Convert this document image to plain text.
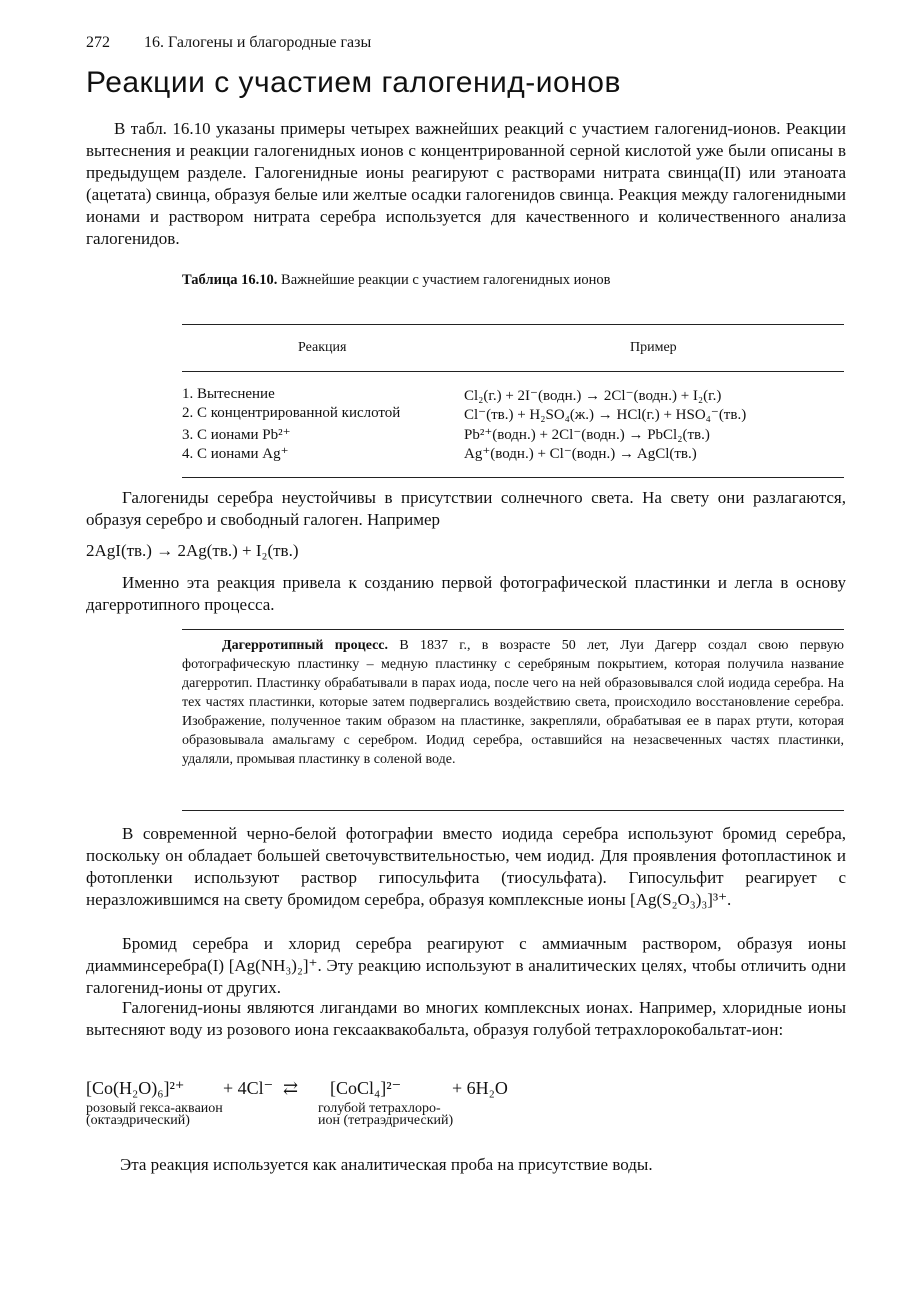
272 16. Галогены и благородные газы
Реакции с участием галогенид-ионов
В табл. 16.10 указаны примеры четырех важнейших реакций с участием галогенид-ионов. Реакции вытеснения и реакции галогенидных ионов с концентрированной серной кислотой уже были описаны в предыдущем разделе. Галогенидные ионы реагируют с растворами нитрата свинца(II) или этаноата (ацетата) свинца, образуя белые или желтые осадки галогенидов свинца. Реакция между галогенидными ионами и раствором нитрата серебра используется для качественного и количественного анализа галогенидов.
Таблица 16.10. Важнейшие реакции с участием галогенидных ионов
Реакция	Пример
1. Вытеснение	Cl₂(г.) + 2I⁻(водн.) → 2Cl⁻(водн.) + I₂(г.)
2. С концентрированной кислотой	Cl⁻(тв.) + H₂SO₄(ж.) → HCl(г.) + HSO₄⁻(тв.)
3. С ионами Pb²⁺	Pb²⁺(водн.) + 2Cl⁻(водн.) → PbCl₂(тв.)
4. С ионами Ag⁺	Ag⁺(водн.) + Cl⁻(водн.) → AgCl(тв.)
Галогениды серебра неустойчивы в присутствии солнечного света. На свету они разлагаются, образуя серебро и свободный галоген. Например
2AgI(тв.) → 2Ag(тв.) + I₂(тв.)
Именно эта реакция привела к созданию первой фотографической пластинки и легла в основу дагерротипного процесса.
Дагерротипный процесс. В 1837 г., в возрасте 50 лет, Луи Дагерр создал свою первую фотографическую пластинку – медную пластинку с серебряным покрытием, которая получила название дагерротип. Пластинку обрабатывали в парах иода, после чего на ней образовывался слой иодида серебра. На тех частях пластинки, которые затем подвергались воздействию света, происходило восстановление серебра. Изображение, полученное таким образом на пластинке, закрепляли, обрабатывая ее в парах ртути, которая образовывала амальгаму с серебром. Иодид серебра, оставшийся на незасвеченных частях пластинки, удаляли, промывая пластинку в соленой воде.
В современной черно-белой фотографии вместо иодида серебра используют бромид серебра, поскольку он обладает большей светочувствительностью, чем иодид. Для проявления фотопластинок и фотопленки используют раствор гипосульфита (тиосульфата). Гипосульфит реагирует с неразложившимся на свету бромидом серебра, образуя комплексные ионы [Ag(S₂O₃)₃]³⁺.
Бромид серебра и хлорид серебра реагируют с аммиачным раствором, образуя ионы диамминсеребра(I) [Ag(NH₃)₂]⁺. Эту реакцию используют в аналитических целях, чтобы отличить одни галогенид-ионы от других.
Галогенид-ионы являются лигандами во многих комплексных ионах. Например, хлоридные ионы вытесняют воду из розового иона гексааквакобальта, образуя голубой тетрахлорокобальтат-ион:
[Co(H₂O)₆]²⁺ + 4Cl⁻ ⇄ [CoCl₄]²⁻	+ 6H₂O
розовый гекса-аквaион (октаэдрический)
голубой тетрахлоро-ион (тетраэдрический)
Эта реакция используется как аналитическая проба на присутствие воды.
